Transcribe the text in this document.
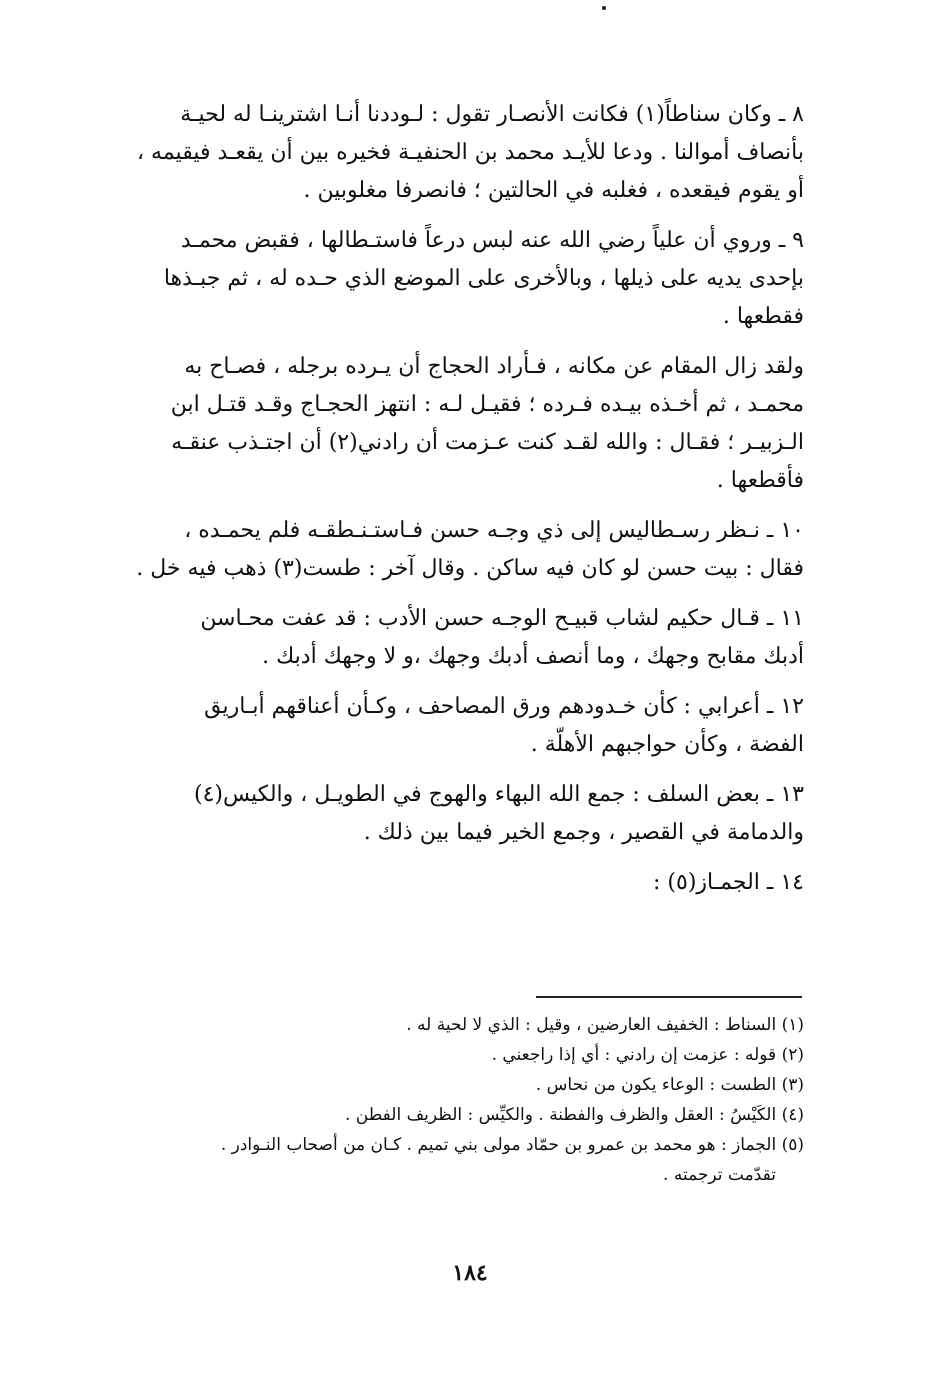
٨ ـ وكان سناطاً(١) فكانت الأنصـار تقول : لـوددنا أنـا اشترينـا له لحيـة
بأنصاف أموالنا . ودعا للأيـد محمد بن الحنفيـة فخيره بين أن يقعـد فيقيمه ،
أو يقوم فيقعده ، فغلبه في الحالتين ؛ فانصرفا مغلوبين .
٩ ـ وروي أن علياً رضي الله عنه لبس درعاً فاستـطالها ، فقبض محمـد
بإحدى يديه على ذيلها ، وبالأخرى على الموضع الذي حـده له ، ثم جبـذها
فقطعها .
ولقد زال المقام عن مكانه ، فـأراد الحجاج أن يـرده برجله ، فصـاح به
محمـد ، ثم أخـذه بيـده فـرده ؛ فقيـل لـه : انتهز الحجـاج وقـد قتـل ابن
الـزبيـر ؛ فقـال : والله لقـد كنت عـزمت أن رادني(٢) أن اجتـذب عنقـه
فأقطعها .
١٠ ـ نـظر رسـطاليس إلى ذي وجـه حسن فـاستـنـطقـه فلم يحمـده ،
فقال : بيت حسن لو كان فيه ساكن . وقال آخر : طست(٣) ذهب فيه خل .
١١ ـ قـال حكيم لشاب قبيـح الوجـه حسن الأدب : قد عفت محـاسن
أدبك مقابح وجهك ، وما أنصف أدبك وجهك ،و لا وجهك أدبك .
١٢ ـ أعرابي : كأن خـدودهم ورق المصاحف ، وكـأن أعناقهم أبـاريق
الفضة ، وكأن حواجبهم الأهلّة .
١٣ ـ بعض السلف : جمع الله البهاء والهوج في الطويـل ، والكيس(٤)
والدمامة في القصير ، وجمع الخير فيما بين ذلك .
١٤ ـ الجمـاز(٥) :
(١) السناط : الخفيف العارضين ، وقيل : الذي لا لحية له .
(٢) قوله : عزمت إن رادني : أي إذا راجعني .
(٣) الطست : الوعاء يكون من نحاس .
(٤) الكَيْسُ : العقل والظرف والفطنة . والكيِّس : الظريف الفطن .
(٥) الجماز : هو محمد بن عمرو بن حمّاد مولى بني تميم . كـان من أصحاب النـوادر .
تقدّمت ترجمته .
١٨٤
